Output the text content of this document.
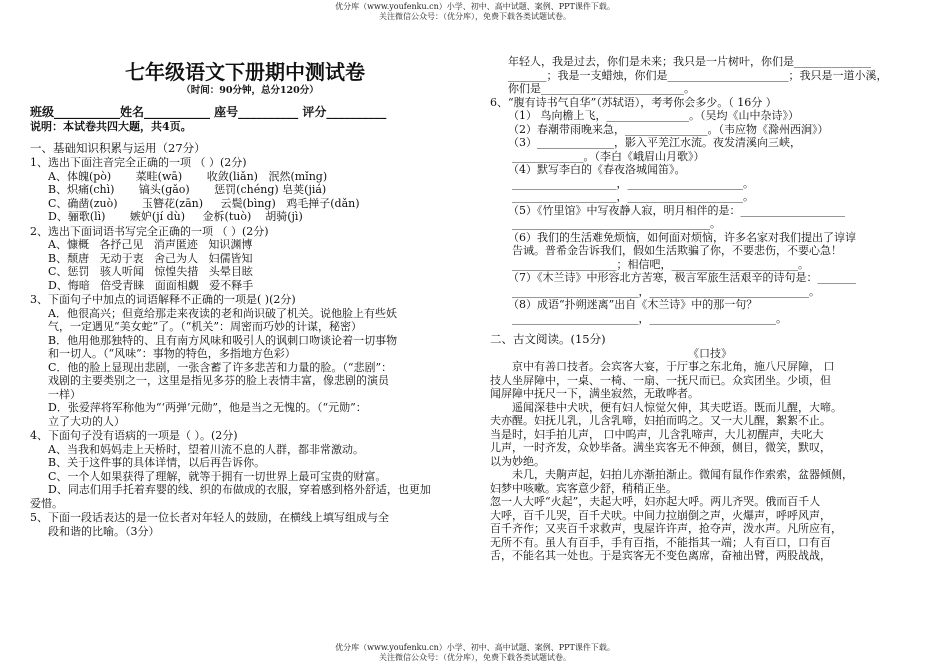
优分库（www.youfenku.cn）小学、初中、高中试题、案例、PPT课件下载。
关注微信公众号：（优分库），免费下载各类试题试卷。
七年级语文下册期中测试卷
（时间：90分钟，总分120分）
班级___________姓名___________ 座号__________ 评分__________
说明：本试卷共四大题，共4页。
一、基础知识积累与运用（27分）
1、选出下面注音完全正确的一项 （ ）(2分)
A、体魄(pò)       菜畦(wā)       收敛(liǎn)   泯然(mǐng)
B、炽痛(chì)       镐头(gǎo)       惩罚(chéng) 皂荚(jiá)
C、确凿(zuò)       玉簪花(zān)     云鬓(bìng)   鸡毛掸子(dǎn)
D、骊歌(lì)       嫉妒(jí dù)     金柝(tuò)    胡骑(jì)
2、选出下面词语书写完全正确的一项 （ ）(2分)
A、慷概   各抒己见   消声匿迹   知识渊博
B、颓唐   无动于衷   舍己为人   妇儒皆知
C、惩罚   骇人听闻   惊惶失措   头晕目眩
D、悔暗   倍受青睐   面面相觑   爱不释手
3、下面句子中加点的词语解释不正确的一项是( )(2分)
A．他很高兴；但竟给那走来夜读的老和尚识破了机关。说他脸上有些妖
气，一定遇见“美女蛇”了。（“机关”：周密而巧妙的计谋，秘密）
B．他用他那独特的、且有南方风味和吸引人的讽刺口吻谈论着一切事物
和一切人。（“风味”：事物的特色，多指地方色彩）
C．他的脸上显现出悲剧，一张含蓄了许多悲苦和力量的脸。（“悲剧”：
戏剧的主要类别之一，这里是指见多芬的脸上表情丰富，像悲剧的演员
一样）
D．张爱萍将军称他为“‘两弹’元勋”，他是当之无愧的。（“元勋”：
立了大功的人）
4、下面句子没有语病的一项是（ ）。(2分)
A、当我和妈妈走上天桥时，望着川流不息的人群，都非常激动。
B、关于这件事的具体详情，以后再告诉你。
C、一个人如果获得了理解，就等于拥有一切世界上最可宝贵的财富。
D、同志们用手托着弃婴的线、织的布做成的衣服，穿着感到格外舒适，也更加
爱惜。
5、下面一段话表达的是一位长者对年轻人的鼓励，在横线上填写组成与全
段和谐的比喻。（3分）
年轻人，我是过去，你们是未来；我只是一片树叶，你们是______________
_______；我是一支蜡烛，你们是______________________；我只是一道小溪，
你们是__________________________。
6、“腹有诗书气自华”（苏轼语），考考你会多少。（ 16分 ）
（1） 鸟向檐上飞，_______________。（吴均《山中杂诗》）
（2）春潮带雨晚来急，_______________。（韦应物《滁州西涧》）
（3）______________，影入平羌江水流。夜发清溪向三峡，
_____________。（李白《峨眉山月歌》）
（4）默写李白的《春夜洛城闻笛》。
___________________，_____________________。
___________________，_____________________。
（5）《竹里馆》中写夜静人寂，明月相伴的是：___________________
____________________________________。
（6）我们的生活难免烦恼，如何面对烦恼，许多名家对我们提出了谆谆
告诫。普希金告诉我们，假如生活欺骗了你，不要悲伤，不要心急！
___________________；相信吧，_______________________。
（7）《木兰诗》中形容北方苦寒，极言军旅生活艰辛的诗句是：_______
_______________________，_____________________________。
（8）成语“扑朔迷离”出自《木兰诗》中的那一句？
_______________________，_______________________。
二、古文阅读。(15分)
《口技》
京中有善口技者。会宾客大宴，于厅事之东北角，施八尺屏障， 口
技人坐屏障中，一桌、一椅、一扇、一抚尺而已。众宾团坐。少顷，但
闻屏障中抚尺一下，满坐寂然，无敢哗者。
遥闻深巷中犬吠，便有妇人惊觉欠伸，其夫呓语。既而儿醒，大啼。
夫亦醒。妇抚儿乳，儿含乳啼，妇拍而呜之。又一大儿醒，絮絮不止。
当是时，妇手拍儿声， 口中呜声，儿含乳啼声，大儿初醒声，夫叱大
儿声，一时齐发，众妙毕备。满坐宾客无不伸颈，侧目，微笑，默叹，
以为妙绝。
未几，夫齁声起，妇拍儿亦渐拍渐止。微闻有鼠作作索索，盆器倾侧，
妇梦中咳嗽。宾客意少舒，稍稍正坐。
忽一人大呼“火起”，夫起大呼，妇亦起大呼。两儿齐哭。俄而百千人
大呼，百千儿哭，百千犬吠。中间力拉崩倒之声，火爆声，呼呼风声，
百千齐作；又夹百千求救声，曳屋许许声，抢夺声，泼水声。凡所应有，
无所不有。虽人有百手，手有百指，不能指其一端；人有百口，口有百
舌，不能名其一处也。于是宾客无不变色离席，奋袖出臂，两股战战，
优分库（www.youfenku.cn）小学、初中、高中试题、案例、PPT课件下载。
关注微信公众号：（优分库），免费下载各类试题试卷。
